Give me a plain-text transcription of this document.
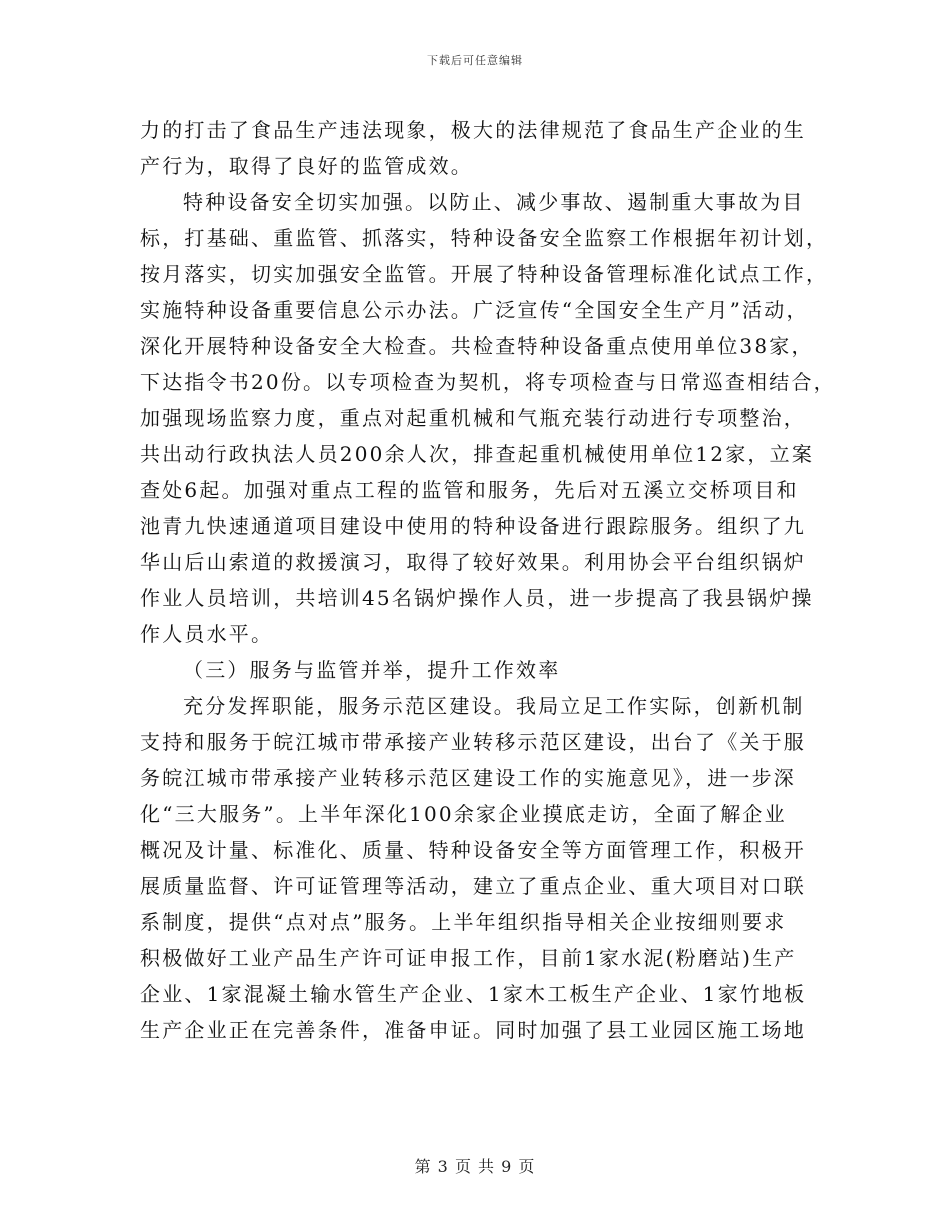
下载后可任意编辑
力的打击了食品生产违法现象，极大的法律规范了食品生产企业的生
产行为，取得了良好的监管成效。
特种设备安全切实加强。以防止、减少事故、遏制重大事故为目
标，打基础、重监管、抓落实，特种设备安全监察工作根据年初计划，
按月落实，切实加强安全监管。开展了特种设备管理标准化试点工作，
实施特种设备重要信息公示办法。广泛宣传“全国安全生产月”活动，
深化开展特种设备安全大检查。共检查特种设备重点使用单位38家，
下达指令书20份。以专项检查为契机，将专项检查与日常巡查相结合，
加强现场监察力度，重点对起重机械和气瓶充装行动进行专项整治，
共出动行政执法人员200余人次，排查起重机械使用单位12家，立案
查处6起。加强对重点工程的监管和服务，先后对五溪立交桥项目和
池青九快速通道项目建设中使用的特种设备进行跟踪服务。组织了九
华山后山索道的救援演习，取得了较好效果。利用协会平台组织锅炉
作业人员培训，共培训45名锅炉操作人员，进一步提高了我县锅炉操
作人员水平。
（三）服务与监管并举，提升工作效率
充分发挥职能，服务示范区建设。我局立足工作实际，创新机制
支持和服务于皖江城市带承接产业转移示范区建设，出台了《关于服
务皖江城市带承接产业转移示范区建设工作的实施意见》，进一步深
化“三大服务”。上半年深化100余家企业摸底走访，全面了解企业
概况及计量、标准化、质量、特种设备安全等方面管理工作，积极开
展质量监督、许可证管理等活动，建立了重点企业、重大项目对口联
系制度，提供“点对点”服务。上半年组织指导相关企业按细则要求
积极做好工业产品生产许可证申报工作，目前1家水泥(粉磨站)生产
企业、1家混凝土输水管生产企业、1家木工板生产企业、1家竹地板
生产企业正在完善条件，准备申证。同时加强了县工业园区施工场地
第 3 页 共 9 页
